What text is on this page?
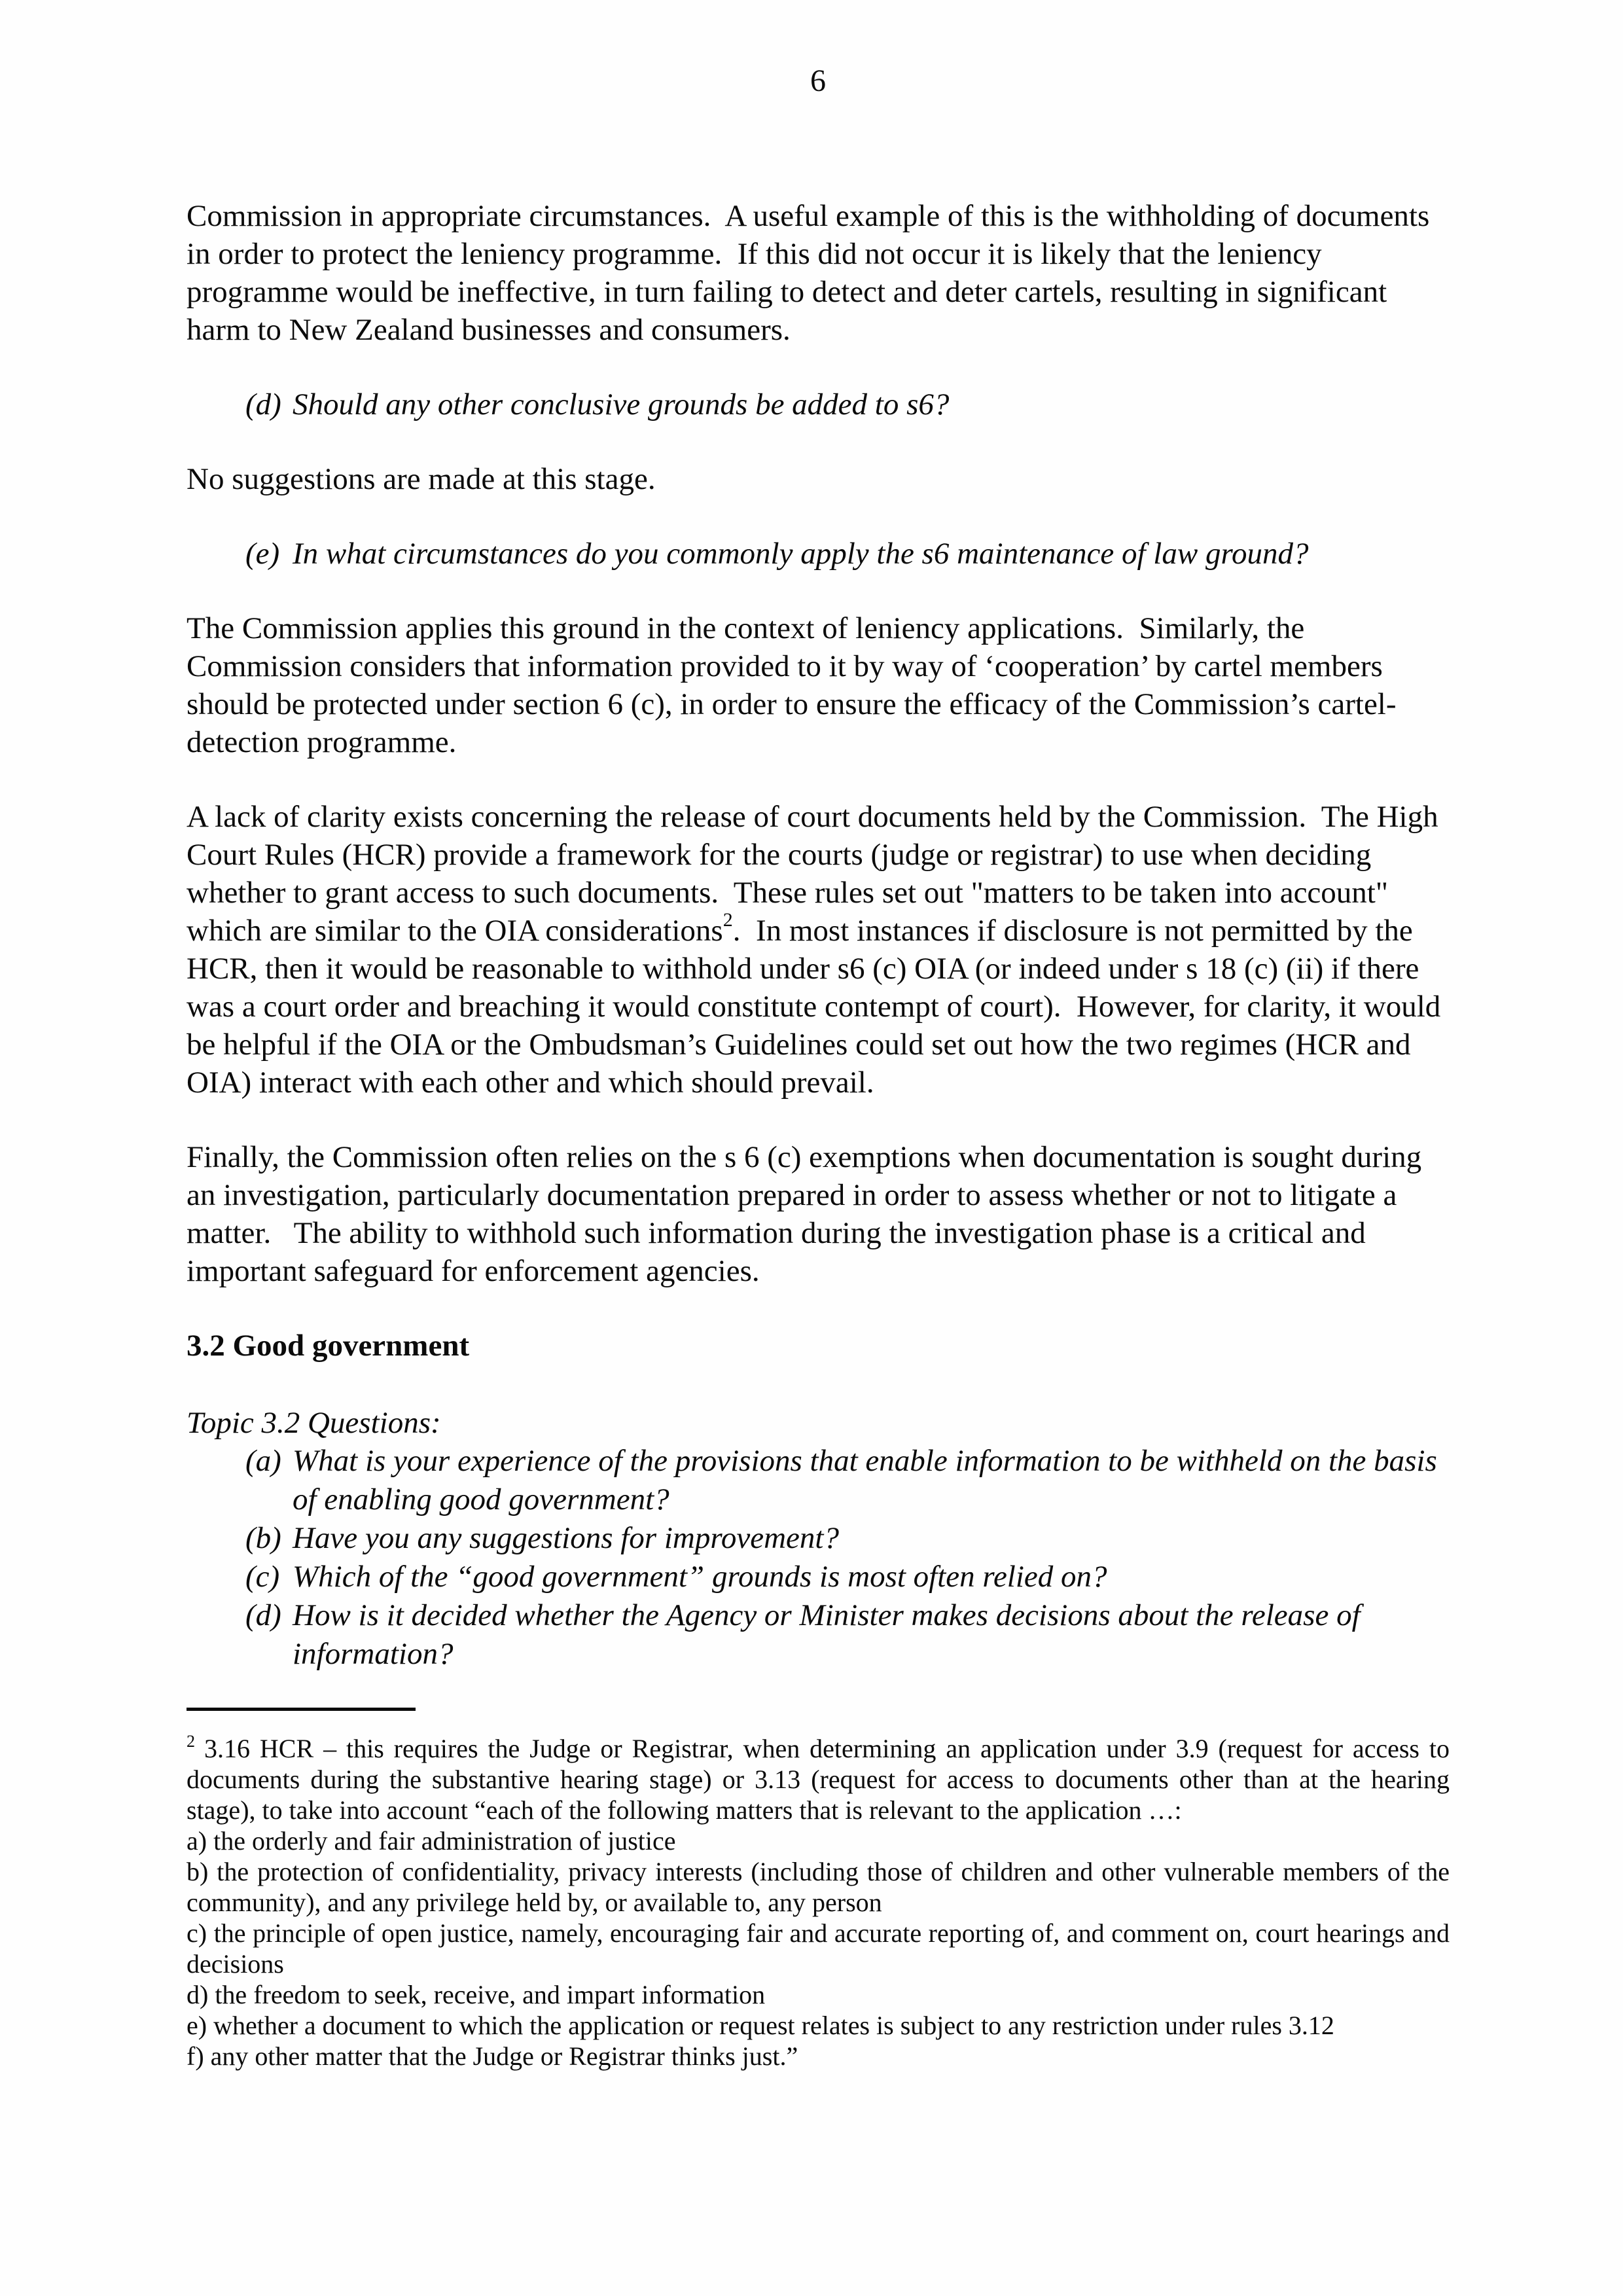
6

Commission in appropriate circumstances.  A useful example of this is the withholding of documents in order to protect the leniency programme.  If this did not occur it is likely that the leniency programme would be ineffective, in turn failing to detect and deter cartels, resulting in significant harm to New Zealand businesses and consumers.

(d) Should any other conclusive grounds be added to s6?

No suggestions are made at this stage.

(e) In what circumstances do you commonly apply the s6 maintenance of law ground?

The Commission applies this ground in the context of leniency applications.  Similarly, the Commission considers that information provided to it by way of ‘cooperation’ by cartel members should be protected under section 6 (c), in order to ensure the efficacy of the Commission’s cartel-detection programme.

A lack of clarity exists concerning the release of court documents held by the Commission.  The High Court Rules (HCR) provide a framework for the courts (judge or registrar) to use when deciding whether to grant access to such documents.  These rules set out "matters to be taken into account" which are similar to the OIA considerations$^2$.  In most instances if disclosure is not permitted by the HCR, then it would be reasonable to withhold under s6 (c) OIA (or indeed under s 18 (c) (ii) if there was a court order and breaching it would constitute contempt of court).  However, for clarity, it would be helpful if the OIA or the Ombudsman’s Guidelines could set out how the two regimes (HCR and OIA) interact with each other and which should prevail.

Finally, the Commission often relies on the s 6 (c) exemptions when documentation is sought during an investigation, particularly documentation prepared in order to assess whether or not to litigate a matter.   The ability to withhold such information during the investigation phase is a critical and important safeguard for enforcement agencies.

3.2 Good government
Topic 3.2 Questions:
(a) What is your experience of the provisions that enable information to be withheld on the basis of enabling good government?
(b) Have you any suggestions for improvement?
(c) Which of the “good government” grounds is most often relied on?
(d) How is it decided whether the Agency or Minister makes decisions about the release of information?
$^2$ 3.16 HCR – this requires the Judge or Registrar, when determining an application under 3.9 (request for access to documents during the substantive hearing stage) or 3.13 (request for access to documents other than at the hearing stage), to take into account “each of the following matters that is relevant to the application …:
a) the orderly and fair administration of justice
b) the protection of confidentiality, privacy interests (including those of children and other vulnerable members of the community), and any privilege held by, or available to, any person
c) the principle of open justice, namely, encouraging fair and accurate reporting of, and comment on, court hearings and decisions
d) the freedom to seek, receive, and impart information
e) whether a document to which the application or request relates is subject to any restriction under rules 3.12
f) any other matter that the Judge or Registrar thinks just.”
